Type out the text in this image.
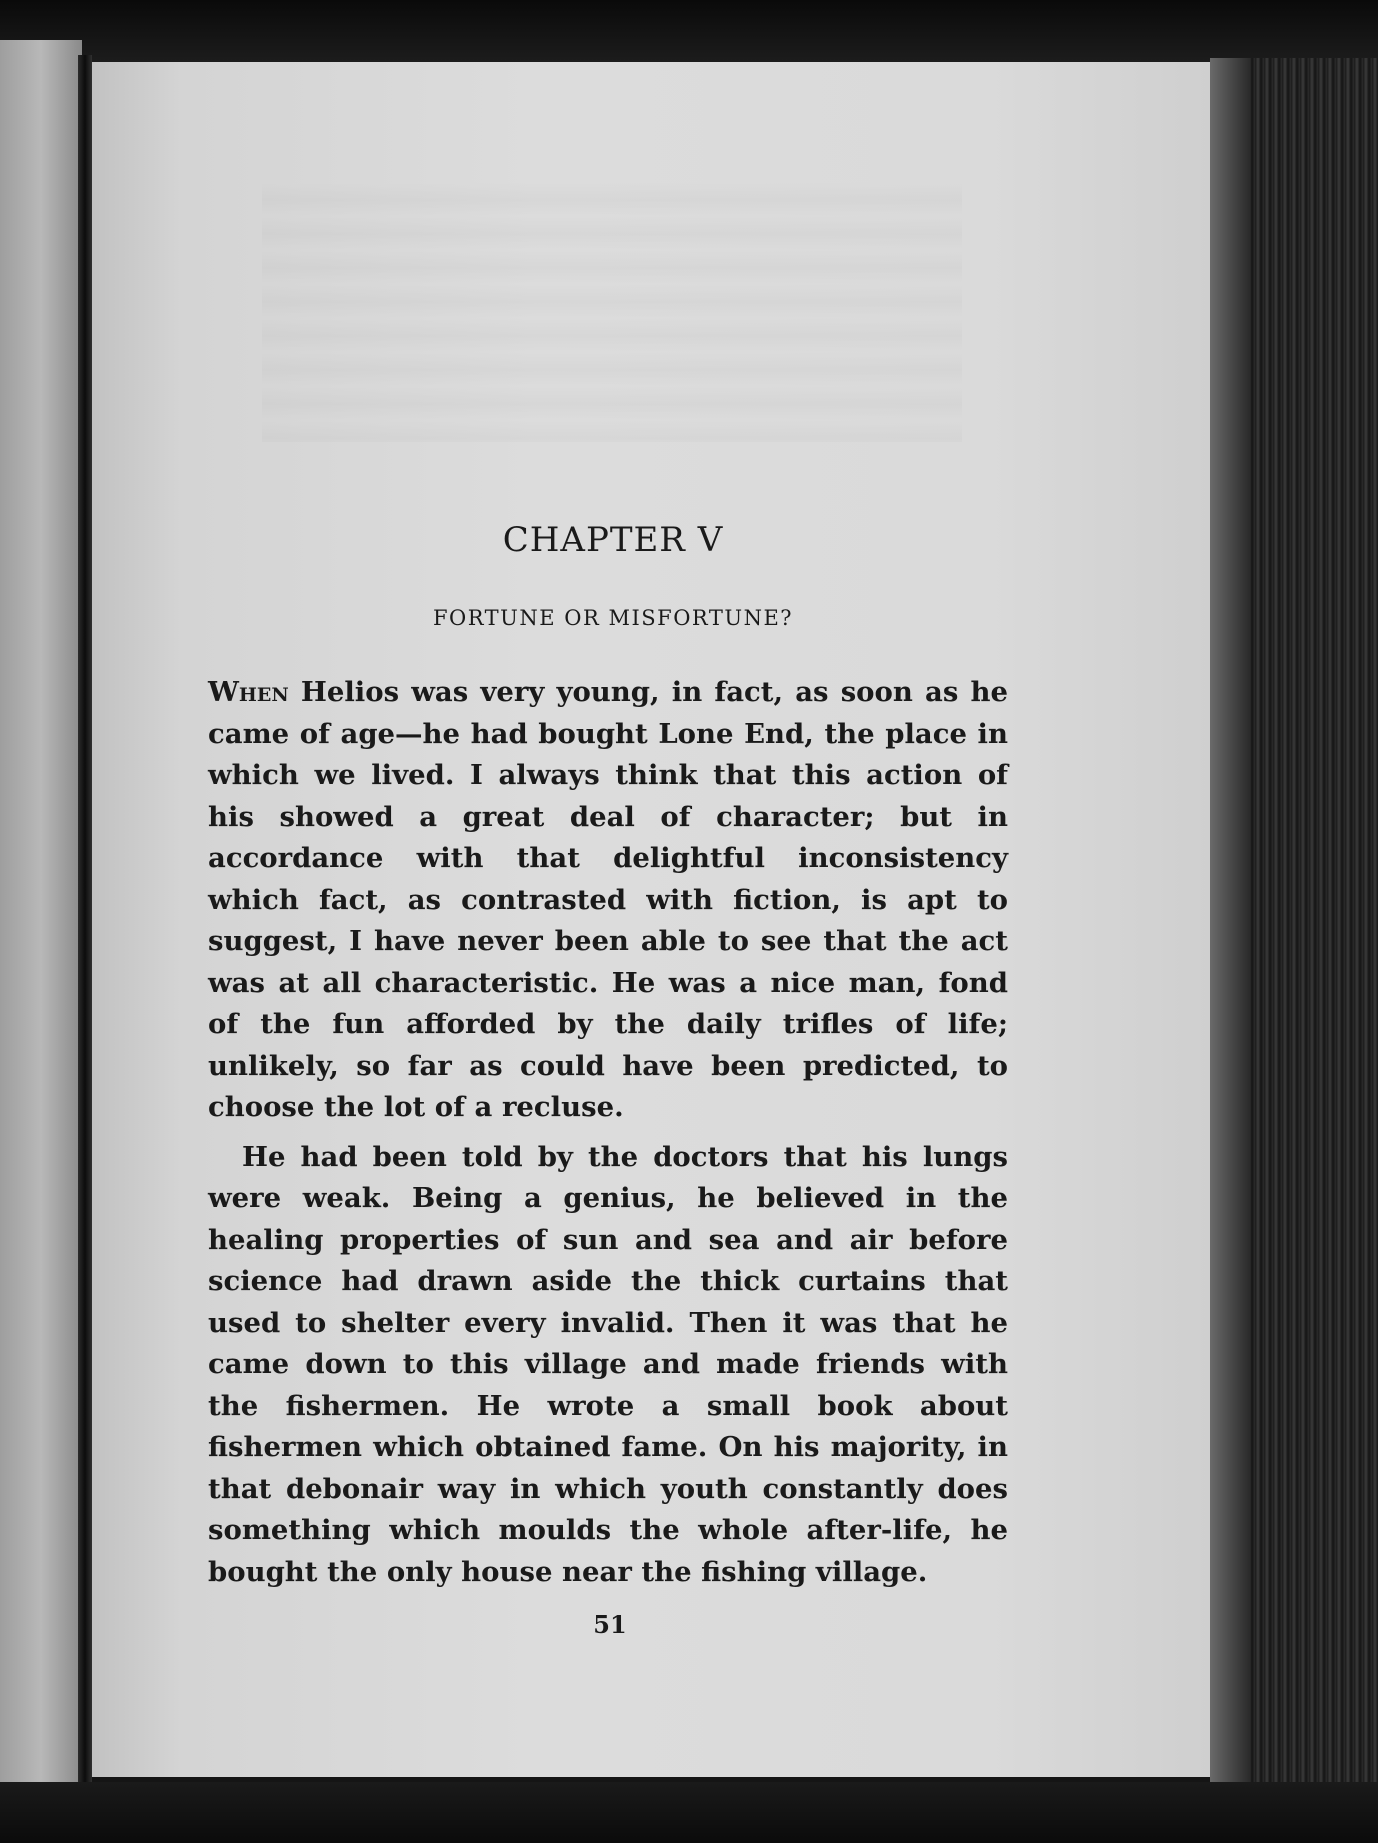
CHAPTER V
FORTUNE OR MISFORTUNE?

When Helios was very young, in fact, as soon as he came of age—he had bought Lone End, the place in which we lived. I always think that this action of his showed a great deal of character; but in accordance with that delightful inconsistency which fact, as contrasted with fiction, is apt to suggest, I have never been able to see that the act was at all characteristic. He was a nice man, fond of the fun afforded by the daily trifles of life; unlikely, so far as could have been predicted, to choose the lot of a recluse.

He had been told by the doctors that his lungs were weak. Being a genius, he believed in the healing properties of sun and sea and air before science had drawn aside the thick curtains that used to shelter every invalid. Then it was that he came down to this village and made friends with the fishermen. He wrote a small book about fishermen which obtained fame. On his majority, in that debonair way in which youth constantly does something which moulds the whole after-life, he bought the only house near the fishing village.

51
